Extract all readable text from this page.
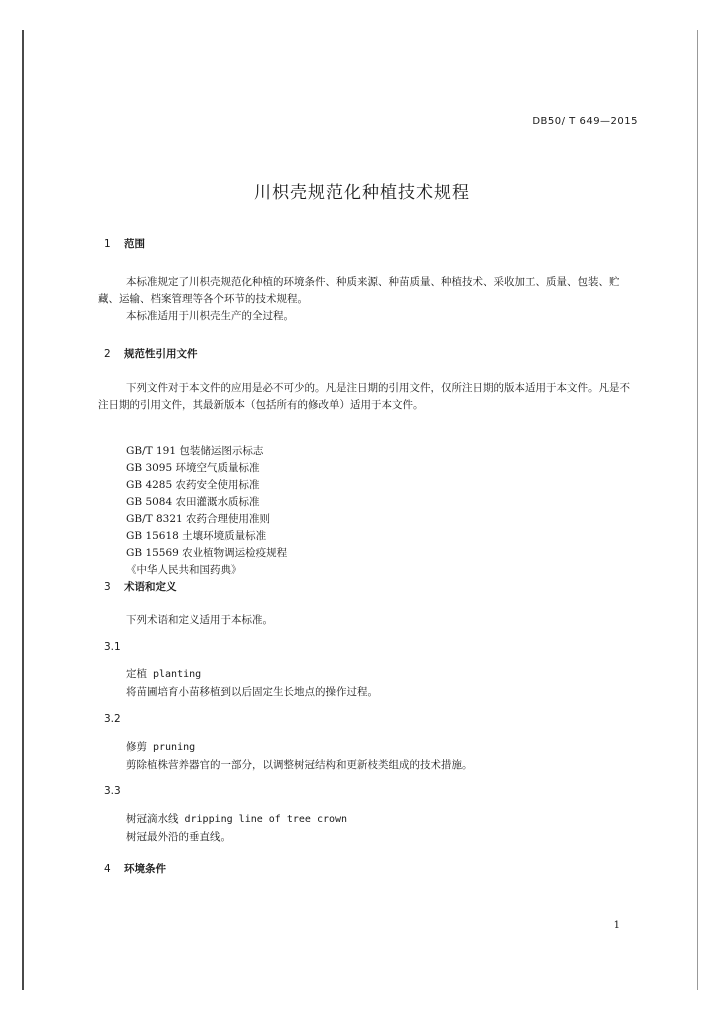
DB50/ T 649—2015
川枳壳规范化种植技术规程
1 范围
本标准规定了川枳壳规范化种植的环境条件、种质来源、种苗质量、种植技术、采收加工、质量、包装、贮藏、运输、档案管理等各个环节的技术规程。
本标准适用于川枳壳生产的全过程。
2 规范性引用文件
下列文件对于本文件的应用是必不可少的。凡是注日期的引用文件，仅所注日期的版本适用于本文件。凡是不注日期的引用文件，其最新版本（包括所有的修改单）适用于本文件。
GB/T 191 包装储运图示标志
GB 3095 环境空气质量标准
GB 4285 农药安全使用标准
GB 5084 农田灌溉水质标准
GB/T 8321 农药合理使用准则
GB 15618 土壤环境质量标准
GB 15569 农业植物调运检疫规程
《中华人民共和国药典》
3 术语和定义
下列术语和定义适用于本标准。
3.1
定植 planting
将苗圃培育小苗移植到以后固定生长地点的操作过程。
3.2
修剪 pruning
剪除植株营养器官的一部分，以调整树冠结构和更新枝类组成的技术措施。
3.3
树冠滴水线 dripping line of tree crown
树冠最外沿的垂直线。
4 环境条件
1
